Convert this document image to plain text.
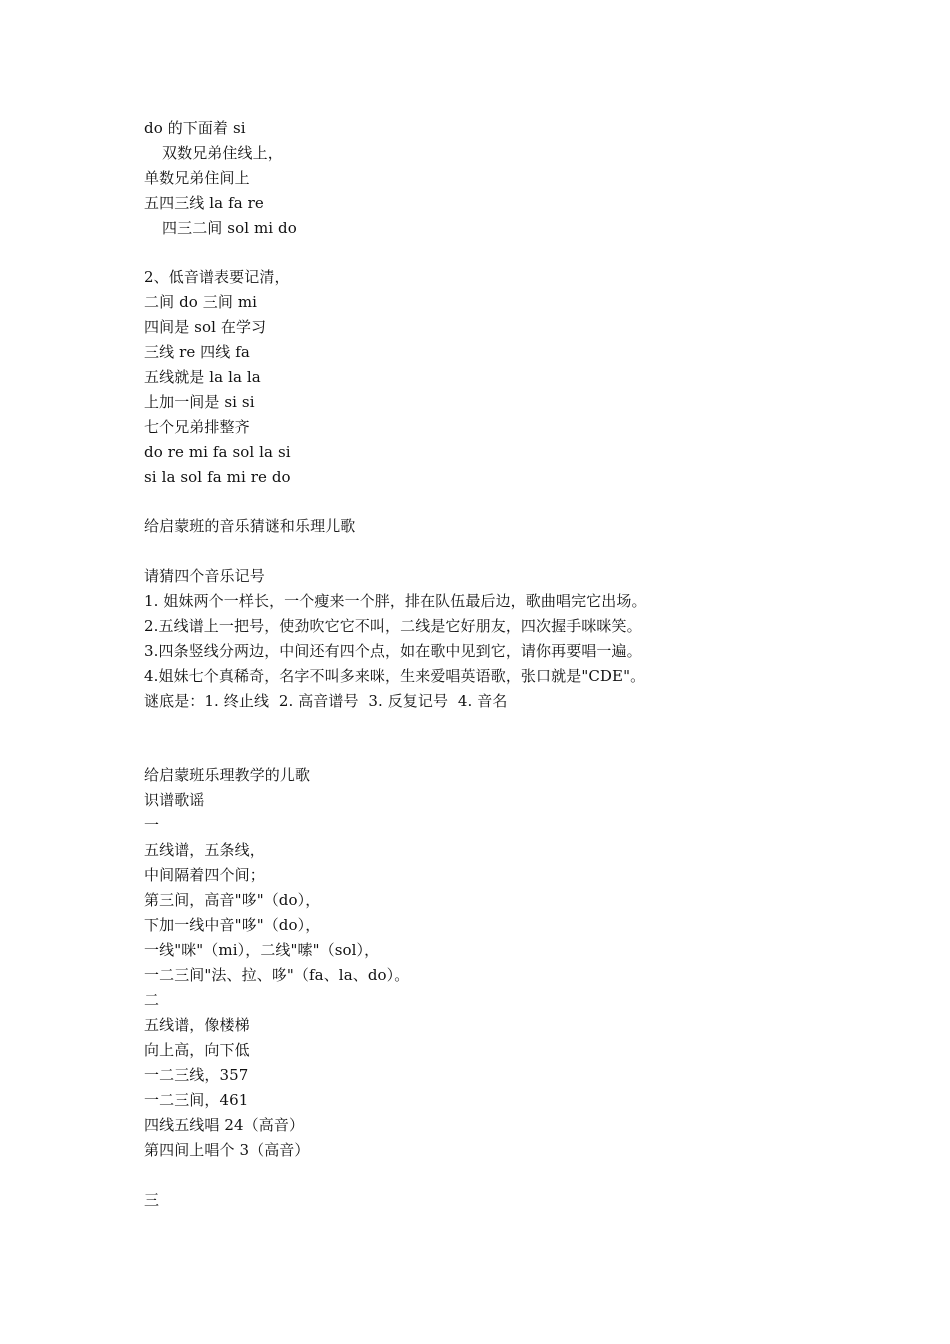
do 的下面着 si
双数兄弟住线上，
单数兄弟住间上
五四三线 la fa re
四三二间 sol mi do
2、低音谱表要记清，
二间 do 三间 mi
四间是 sol 在学习
三线 re 四线 fa
五线就是 la la la
上加一间是 si si
七个兄弟排整齐
do re mi fa sol la si
si la sol fa mi re do
给启蒙班的音乐猜谜和乐理儿歌
请猜四个音乐记号
1. 姐妹两个一样长，一个瘦来一个胖，排在队伍最后边，歌曲唱完它出场。
2.五线谱上一把号，使劲吹它它不叫，二线是它好朋友，四次握手咪咪笑。
3.四条竖线分两边，中间还有四个点，如在歌中见到它，请你再要唱一遍。
4.姐妹七个真稀奇，名字不叫多来咪，生来爱唱英语歌，张口就是"CDE"。
谜底是：1. 终止线  2. 高音谱号  3. 反复记号  4. 音名
给启蒙班乐理教学的儿歌
识谱歌谣
一
五线谱，五条线，
中间隔着四个间；
第三间，高音"哆"（do），
下加一线中音"哆"（do），
一线"咪"（mi），二线"嗦"（sol），
一二三间"法、拉、哆"（fa、la、do）。
二
五线谱，像楼梯
向上高，向下低
一二三线，357
一二三间，461
四线五线唱 24（高音）
第四间上唱个 3（高音）
三
